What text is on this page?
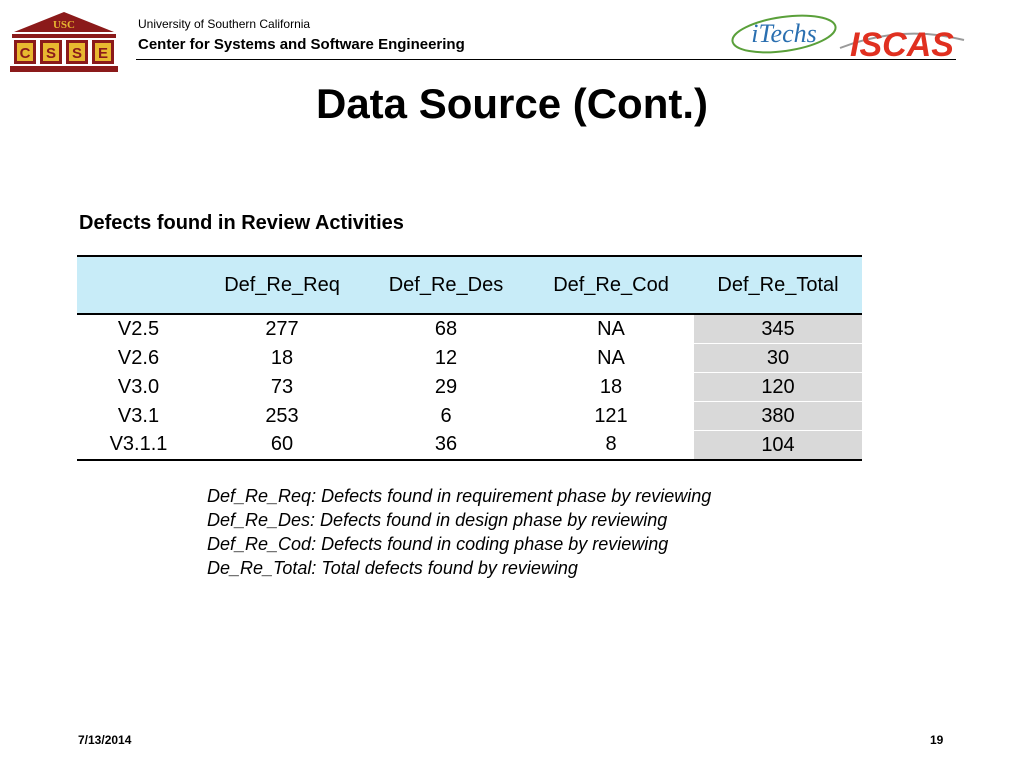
USC
C S S E
University of Southern California
Center for Systems and Software Engineering	iTechs ISCAS
Data Source (Cont.)
Defects found in Review Activities
	Def_Re_Req	Def_Re_Des	Def_Re_Cod	Def_Re_Total
V2.5	277	68	NA	345
V2.6	18	12	NA	30
V3.0	73	29	18	120
V3.1	253	6	121	380
V3.1.1	60	36	8	104
Def_Re_Req: Defects found in requirement phase by reviewing
Def_Re_Des: Defects found in design phase by reviewing
Def_Re_Cod: Defects found in coding phase by reviewing
De_Re_Total: Total defects found by reviewing
7/13/2014	19
